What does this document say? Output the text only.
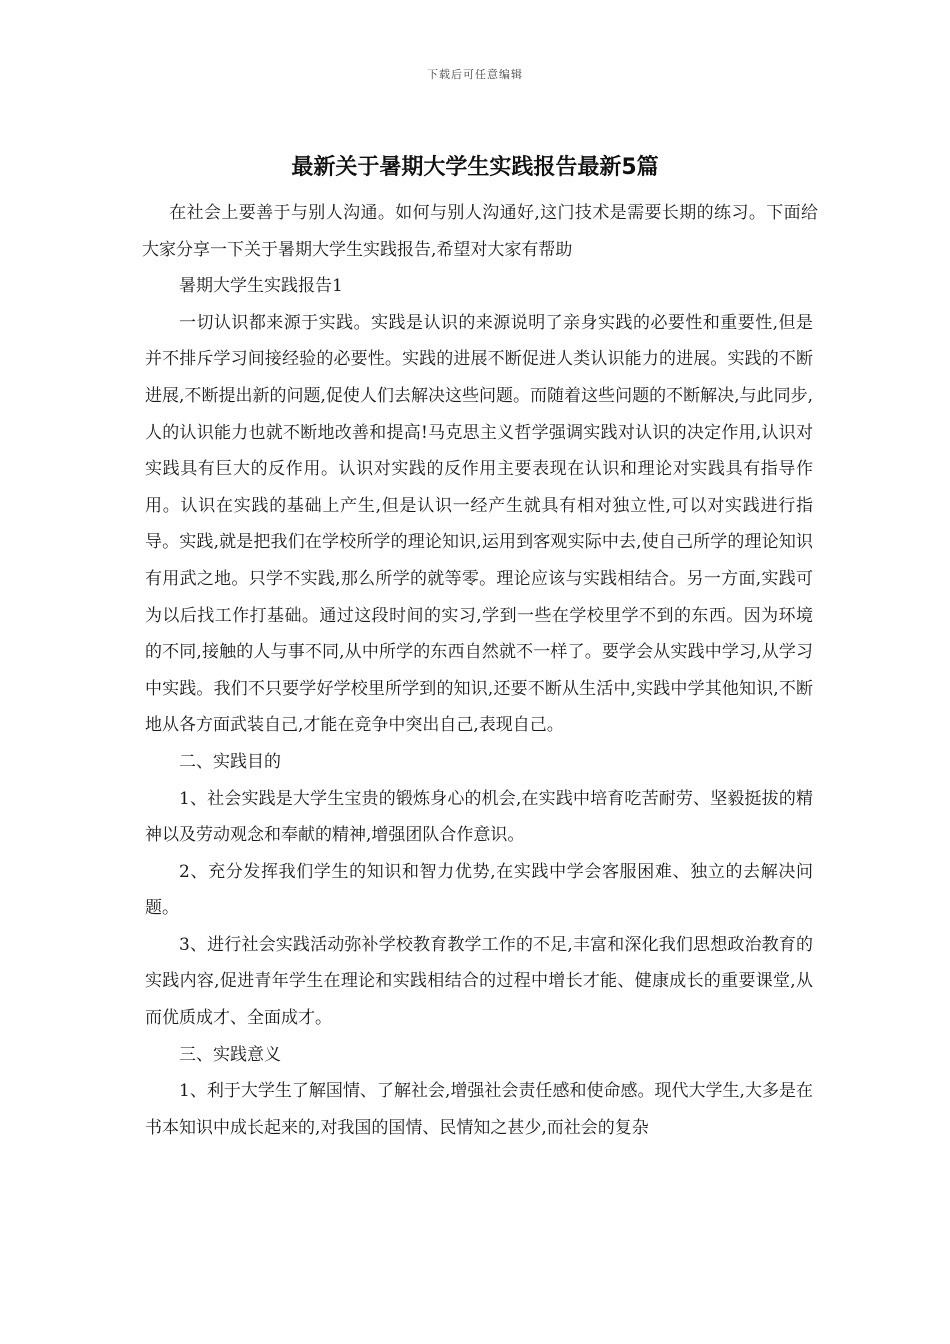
下载后可任意编辑
最新关于暑期大学生实践报告最新5篇

在社会上要善于与别人沟通。如何与别人沟通好,这门技术是需要长期的练习。下面给大家分享一下关于暑期大学生实践报告,希望对大家有帮助

暑期大学生实践报告1

一切认识都来源于实践。实践是认识的来源说明了亲身实践的必要性和重要性,但是并不排斥学习间接经验的必要性。实践的进展不断促进人类认识能力的进展。实践的不断进展,不断提出新的问题,促使人们去解决这些问题。而随着这些问题的不断解决,与此同步,人的认识能力也就不断地改善和提高!马克思主义哲学强调实践对认识的决定作用,认识对实践具有巨大的反作用。认识对实践的反作用主要表现在认识和理论对实践具有指导作用。认识在实践的基础上产生,但是认识一经产生就具有相对独立性,可以对实践进行指导。实践,就是把我们在学校所学的理论知识,运用到客观实际中去,使自己所学的理论知识有用武之地。只学不实践,那么所学的就等零。理论应该与实践相结合。另一方面,实践可为以后找工作打基础。通过这段时间的实习,学到一些在学校里学不到的东西。因为环境的不同,接触的人与事不同,从中所学的东西自然就不一样了。要学会从实践中学习,从学习中实践。我们不只要学好学校里所学到的知识,还要不断从生活中,实践中学其他知识,不断地从各方面武装自己,才能在竞争中突出自己,表现自己。

二、实践目的

1、社会实践是大学生宝贵的锻炼身心的机会,在实践中培育吃苦耐劳、坚毅挺拔的精神以及劳动观念和奉献的精神,增强团队合作意识。

2、充分发挥我们学生的知识和智力优势,在实践中学会客服困难、独立的去解决问题。

3、进行社会实践活动弥补学校教育教学工作的不足,丰富和深化我们思想政治教育的实践内容,促进青年学生在理论和实践相结合的过程中增长才能、健康成长的重要课堂,从而优质成才、全面成才。

三、实践意义

1、利于大学生了解国情、了解社会,增强社会责任感和使命感。现代大学生,大多是在书本知识中成长起来的,对我国的国情、民情知之甚少,而社会的复杂
